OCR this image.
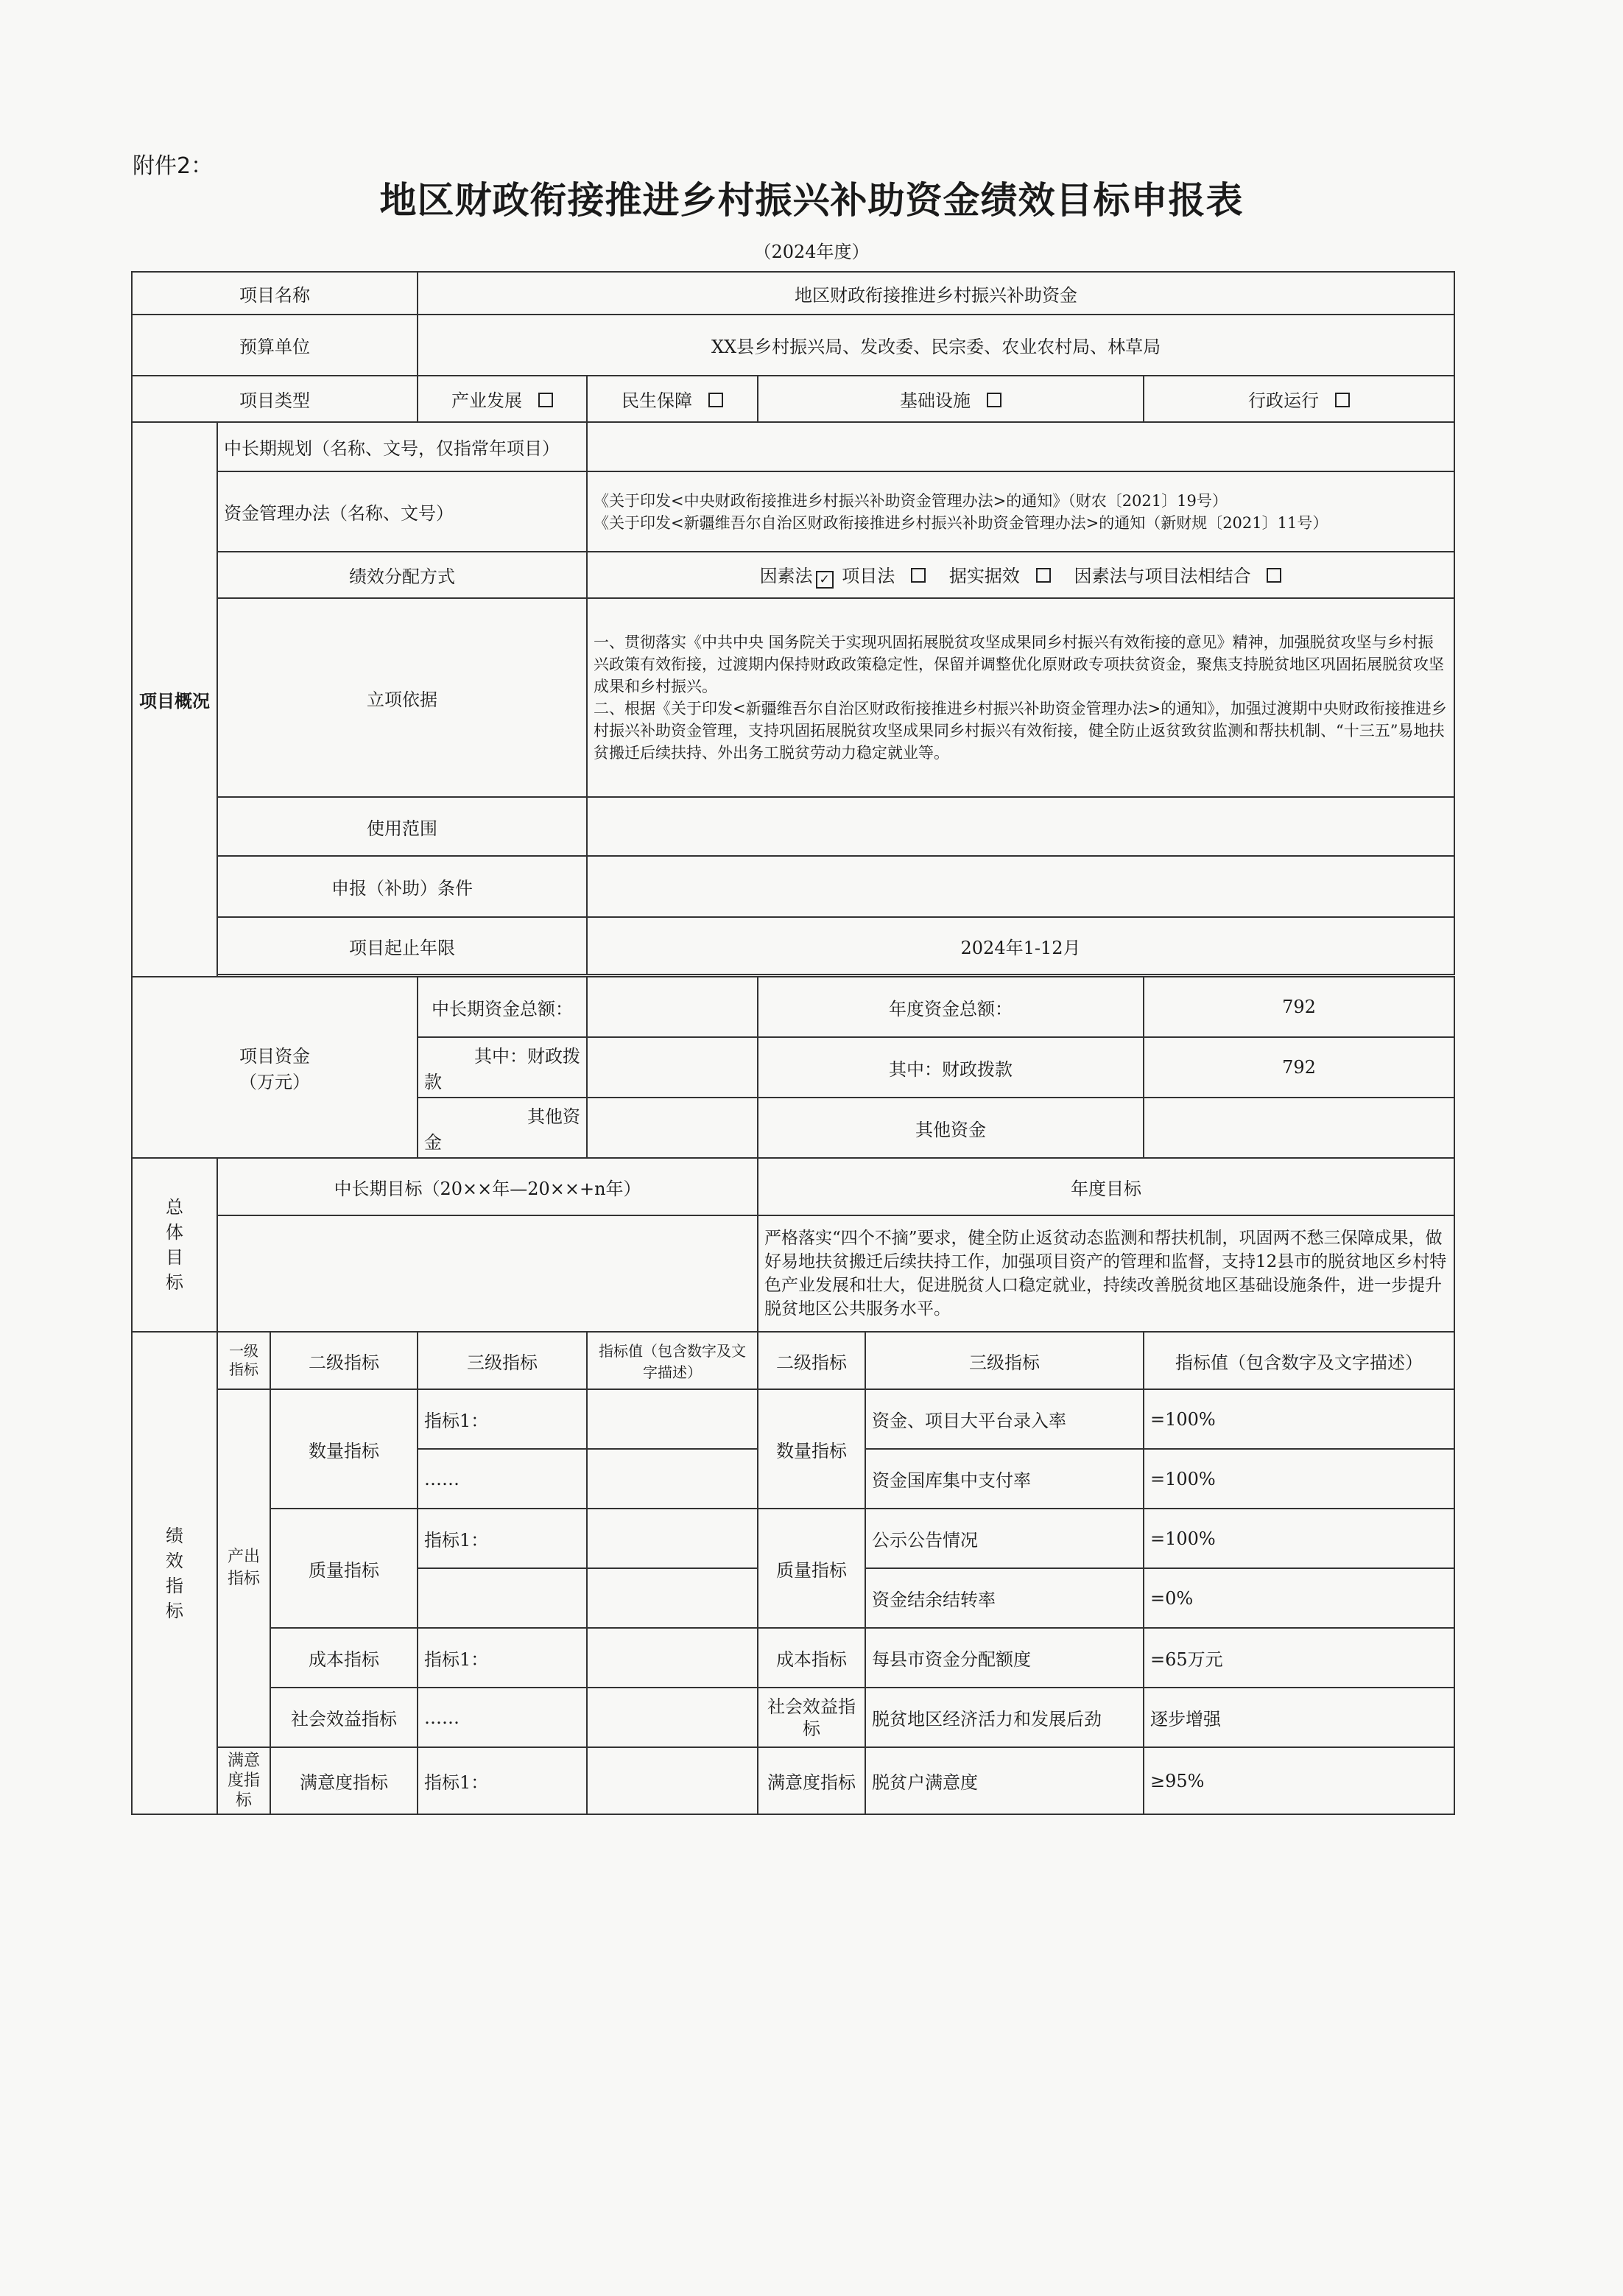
附件2：
地区财政衔接推进乡村振兴补助资金绩效目标申报表
（2024年度）
项目名称			地区财政衔接推进乡村振兴补助资金				
预算单位			XX县乡村振兴局、发改委、民宗委、农业农村局、林草局				
项目类型			产业发展	民生保障	基础设施		行政运行
项目概况	中长期规划（名称、文号，仅指常年项目）						
	资金管理办法（名称、文号）			《关于印发<中央财政衔接推进乡村振兴补助资金管理办法>的通知》（财农〔2021〕19号）
《关于印发<新疆维吾尔自治区财政衔接推进乡村振兴补助资金管理办法>的通知（新财规〔2021〕11号）			

	绩效分配方式			因素法 ✓ 项目法 据实据效 因素法与项目法相结合			
	立项依据			一、贯彻落实《中共中央 国务院关于实现巩固拓展脱贫攻坚成果同乡村振兴有效衔接的意见》精神，加强脱贫攻坚与乡村振兴政策有效衔接，过渡期内保持财政政策稳定性，保留并调整优化原财政专项扶贫资金，聚焦支持脱贫地区巩固拓展脱贫攻坚成果和乡村振兴。
二、根据《关于印发<新疆维吾尔自治区财政衔接推进乡村振兴补助资金管理办法>的通知》，加强过渡期中央财政衔接推进乡村振兴补助资金管理，支持巩固拓展脱贫攻坚成果同乡村振兴有效衔接，健全防止返贫致贫监测和帮扶机制、“十三五”易地扶贫搬迁后续扶持、外出务工脱贫劳动力稳定就业等。			

	使用范围						
	申报（补助）条件						
	项目起止年限			2024年1-12月			

项目资金
（万元）			中长期资金总额：		年度资金总额：		792

			其中：财政拨
款		其中：财政拨款		792

			其他资
金		其他资金		

总体目标	中长期目标（20××年—20××+n年）				年度目标		
					严格落实“四个不摘”要求，健全防止返贫动态监测和帮扶机制，巩固两不愁三保障成果，做好易地扶贫搬迁后续扶持工作，加强项目资产的管理和监督，支持12县市的脱贫地区乡村特色产业发展和壮大，促进脱贫人口稳定就业，持续改善脱贫地区基础设施条件，进一步提升脱贫地区公共服务水平。		

绩效指标	一级指标	二级指标	三级指标	指标值（包含数字及文字描述）	二级指标	三级指标	指标值（包含数字及文字描述）

	产出指标	数量指标	指标1：		数量指标	资金、项目大平台录入率	=100%
			……			资金国库集中支付率	=100%
		质量指标	指标1：		质量指标	公示公告情况	=100%
						资金结余结转率	=0%
		成本指标	指标1：		成本指标	每县市资金分配额度	=65万元
		社会效益指标	……		社会效益指标	脱贫地区经济活力和发展后劲	逐步增强

	满意度指标	满意度指标	指标1：		满意度指标	脱贫户满意度	≥95%
